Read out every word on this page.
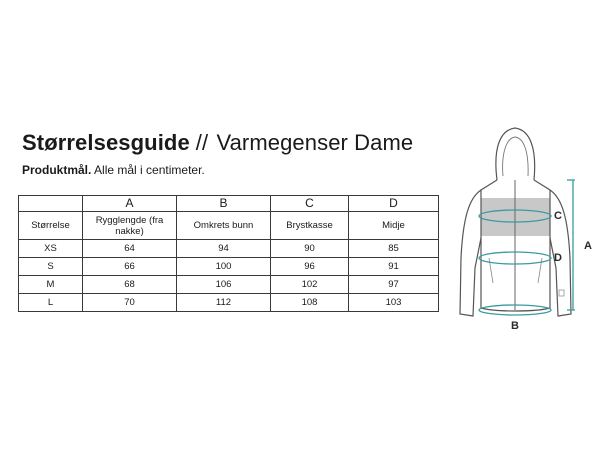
Størrelsesguide // Varmegenser Dame
Produktmål. Alle mål i centimeter.
	A	B	C	D
Størrelse	Rygglengde (fra nakke)	Omkrets bunn	Brystkasse	Midje
XS	64	94	90	85
S	66	100	96	91
M	68	106	102	97
L	70	112	108	103
A
B
C
D
